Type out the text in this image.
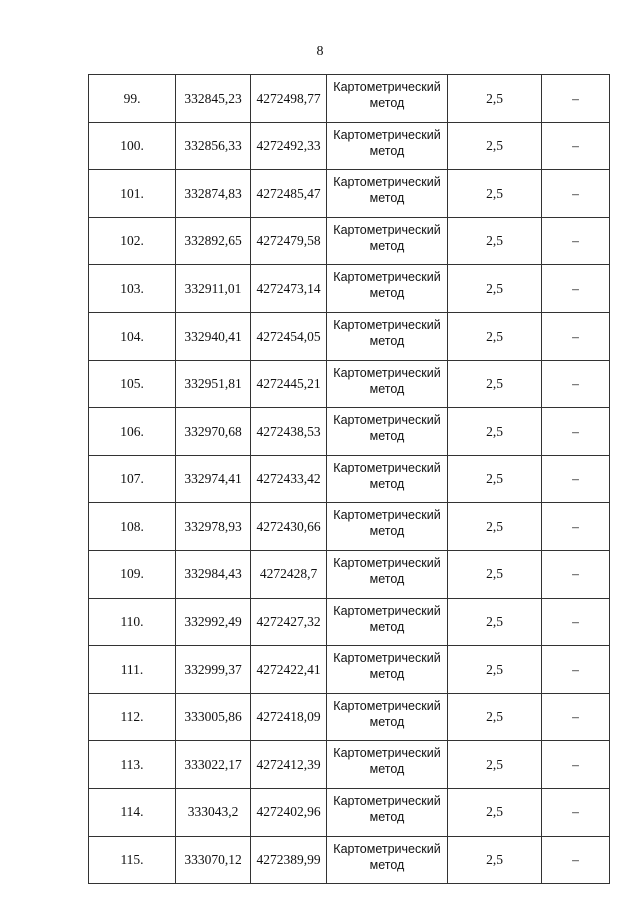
8
99.	332845,23	4272498,77	Картометрический
метод	2,5	–
100.	332856,33	4272492,33	Картометрический
метод	2,5	–
101.	332874,83	4272485,47	Картометрический
метод	2,5	–
102.	332892,65	4272479,58	Картометрический
метод	2,5	–
103.	332911,01	4272473,14	Картометрический
метод	2,5	–
104.	332940,41	4272454,05	Картометрический
метод	2,5	–
105.	332951,81	4272445,21	Картометрический
метод	2,5	–
106.	332970,68	4272438,53	Картометрический
метод	2,5	–
107.	332974,41	4272433,42	Картометрический
метод	2,5	–
108.	332978,93	4272430,66	Картометрический
метод	2,5	–
109.	332984,43	4272428,7	Картометрический
метод	2,5	–
110.	332992,49	4272427,32	Картометрический
метод	2,5	–
111.	332999,37	4272422,41	Картометрический
метод	2,5	–
112.	333005,86	4272418,09	Картометрический
метод	2,5	–
113.	333022,17	4272412,39	Картометрический
метод	2,5	–
114.	333043,2	4272402,96	Картометрический
метод	2,5	–
115.	333070,12	4272389,99	Картометрический
метод	2,5	–
